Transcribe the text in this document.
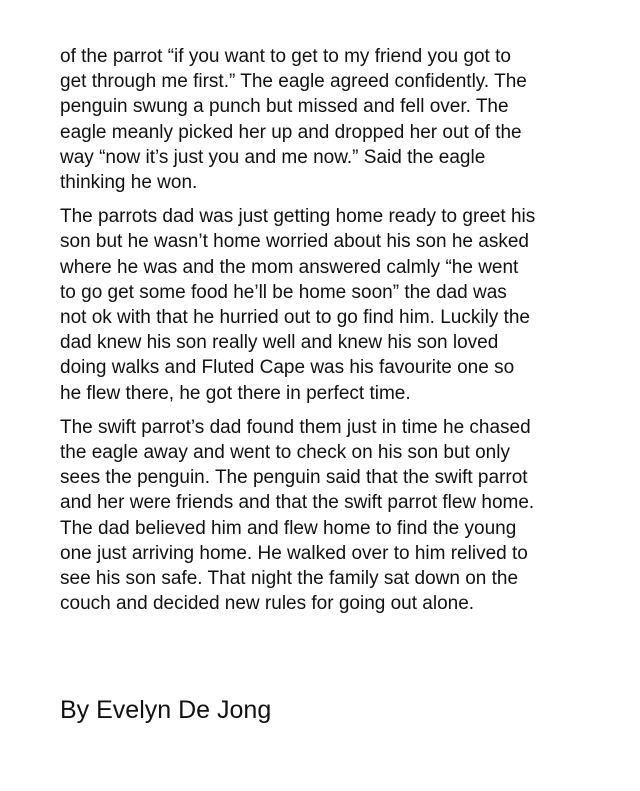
of the parrot “if you want to get to my friend you got to
get through me first.” The eagle agreed confidently. The
penguin swung a punch but missed and fell over. The
eagle meanly picked her up and dropped her out of the
way “now it’s just you and me now.” Said the eagle
thinking he won.

The parrots dad was just getting home ready to greet his
son but he wasn’t home worried about his son he asked
where he was and the mom answered calmly “he went
to go get some food he’ll be home soon” the dad was
not ok with that he hurried out to go find him. Luckily the
dad knew his son really well and knew his son loved
doing walks and Fluted Cape was his favourite one so
he flew there, he got there in perfect time.

The swift parrot’s dad found them just in time he chased
the eagle away and went to check on his son but only
sees the penguin. The penguin said that the swift parrot
and her were friends and that the swift parrot flew home.
The dad believed him and flew home to find the young
one just arriving home. He walked over to him relived to
see his son safe. That night the family sat down on the
couch and decided new rules for going out alone.

By Evelyn De Jong
